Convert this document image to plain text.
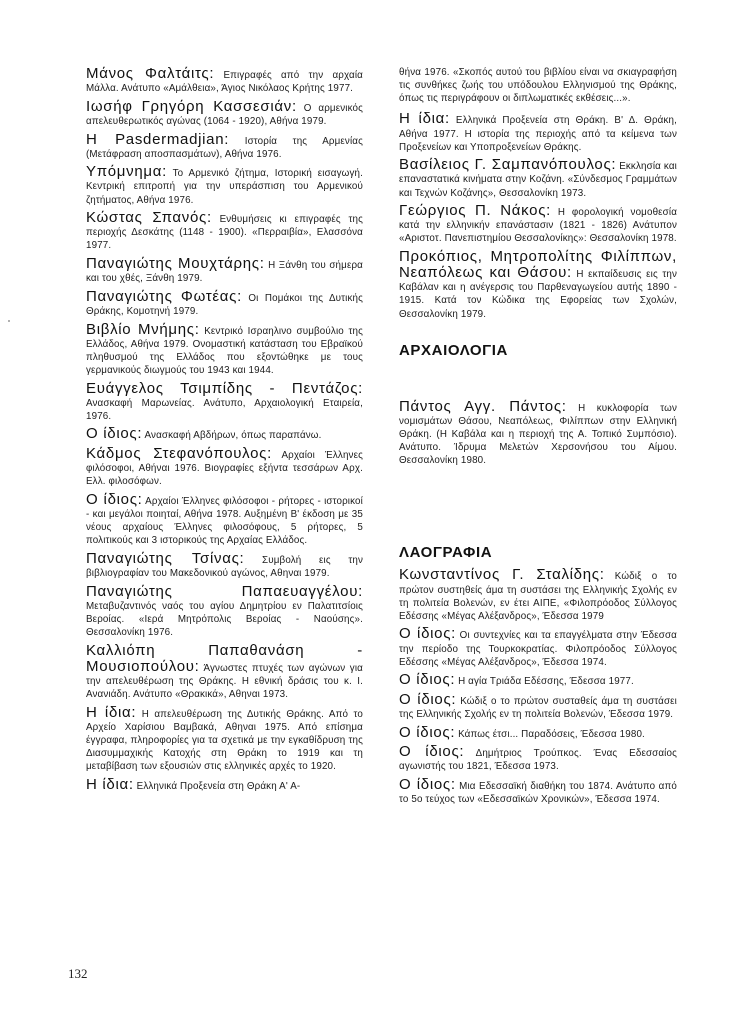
Μάνος Φαλτάιτς: Επιγραφές από την αρχαία Μάλλα. Ανάτυπο «Αμάλθεια», Άγιος Νικόλαος Κρήτης 1977.

Ιωσήφ Γρηγόρη Κασσεσιάν: Ο αρμενικός απελευθερωτικός αγώνας (1064 - 1920), Αθήνα 1979.

Η Pasdermadjian: Ιστορία της Αρμενίας (Μετάφραση αποσπασμάτων), Αθήνα 1976.

Υπόμνημα: Το Αρμενικό ζήτημα, Ιστορική εισαγωγή. Κεντρική επιτροπή για την υπεράσπιση του Αρμενικού ζητήματος, Αθήνα 1976.

Κώστας Σπανός: Ενθυμήσεις κι επιγραφές της περιοχής Δεσκάτης (1148 - 1900). «Περραιβία», Ελασσόνα 1977.

Παναγιώτης Μουχτάρης: Η Ξάνθη του σήμερα και του χθές, Ξάνθη 1979.

Παναγιώτης Φωτέας: Οι Πομάκοι της Δυτικής Θράκης, Κομοτηνή 1979.

Βιβλίο Μνήμης: Κεντρικό Ισραηλινο συμβούλιο της Ελλάδος, Αθήνα 1979. Ονομαστική κατάσταση του Εβραϊκού πληθυσμού της Ελλάδος που εξοντώθηκε με τους γερμανικούς διωγμούς του 1943 και 1944.

Ευάγγελος Τσιμπίδης - Πεντάζος: Ανασκαφή Μαρωνείας. Ανάτυπο, Αρχαιολογική Εταιρεία, 1976.

Ο ίδιος: Ανασκαφή Αβδήρων, όπως παραπάνω.

Κάδμος Στεφανόπουλος: Αρχαίοι Έλληνες φιλόσοφοι, Αθήναι 1976. Βιογραφίες εξήντα τεσσάρων Αρχ. Ελλ. φιλοσόφων.

Ο ίδιος: Αρχαίοι Έλληνες φιλόσοφοι - ρήτορες - ιστορικοί - και μεγάλοι ποιηταί, Αθήνα 1978. Αυξημένη Β' έκδοση με 35 νέους αρχαίους Έλληνες φιλοσόφους, 5 ρήτορες, 5 πολιτικούς και 3 ιστορικούς της Αρχαίας Ελλάδος.

Παναγιώτης Τσίνας: Συμβολή εις την βιβλιογραφίαν του Μακεδονικού αγώνος, Αθηναι 1979.

Παναγιώτης Παπαευαγγέλου: Μεταβυζαντινός ναός του αγίου Δημητρίου εν Παλατιτσίοις Βεροίας. «Ιερά Μητρόπολις Βεροίας - Ναούσης». Θεσσαλονίκη 1976.

Καλλιόπη Παπαθανάση - Μουσιοπούλου: Άγνωστες πτυχές των αγώνων για την απελευθέρωση της Θράκης. Η εθνική δράσις του κ. Ι. Ανανιάδη. Ανάτυπο «Θρακικά», Αθηναι 1973.

Η ίδια: Η απελευθέρωση της Δυτικής Θράκης. Από το Αρχείο Χαρίσιου Βαμβακά, Αθηναι 1975. Από επίσημα έγγραφα, πληροφορίες για τα σχετικά με την εγκαθίδρυση της Διασυμμαχικής Κατοχής στη Θράκη το 1919 και τη μεταβίβαση των εξουσιών στις ελληνικές αρχές το 1920.

Η ίδια: Ελληνικά Προξενεία στη Θράκη Α' Α-

θήνα 1976. «Σκοπός αυτού του βιβλίου είναι να σκιαγραφήση τις συνθήκες ζωής του υπόδουλου Ελληνισμού της Θράκης, όπως τις περιγράφουν οι διπλωματικές εκθέσεις...».

Η ίδια: Ελληνικά Προξενεία στη Θράκη. Β' Δ. Θράκη, Αθήνα 1977. Η ιστορία της περιοχής από τα κείμενα των Προξενείων και Υποπροξενείων Θράκης.

Βασίλειος Γ. Σαμπανόπουλος: Εκκλησία και επαναστατικά κινήματα στην Κοζάνη. «Σύνδεσμος Γραμμάτων και Τεχνών Κοζάνης», Θεσσαλονίκη 1973.

Γεώργιος Π. Νάκος: Η φορολογική νομοθεσία κατά την ελληνικήν επανάστασιν (1821 - 1826) Ανάτυπον «Αριστοτ. Πανεπιστημίου Θεσσαλονίκης»: Θεσσαλονίκη 1978.

Προκόπιος, Μητροπολίτης Φιλίππων, Νεαπόλεως και Θάσου: Η εκπαίδευσις εις την Καβάλαν και η ανέγερσις του Παρθεναγωγείου αυτής 1890 - 1915. Κατά τον Κώδικα της Εφορείας των Σχολών, Θεσσαλονίκη 1979.

ΑΡΧΑΙΟΛΟΓΙΑ

Πάντος Αγγ. Πάντος: Η κυκλοφορία των νομισμάτων Θάσου, Νεαπόλεως, Φιλίππων στην Ελληνική Θράκη. (Η Καβάλα και η περιοχή της Α. Τοπικό Συμπόσιο). Ανάτυπο. Ίδρυμα Μελετών Χερσονήσου του Αίμου. Θεσσαλονίκη 1980.

ΛΑΟΓΡΑΦΙΑ

Κωνσταντίνος Γ. Σταλίδης: Κώδιξ ο το πρώτον συστηθείς άμα τη συστάσει της Ελληνικής Σχολής εν τη πολιτεία Βολενών, εν έτει ΑΙΠΕ, «Φιλοπρόοδος Σύλλογος Εδέσσης «Μέγας Αλέξανδρος», Έδεσσα 1979

Ο ίδιος: Οι συντεχνίες και τα επαγγέλματα στην Έδεσσα την περίοδο της Τουρκοκρατίας. Φιλοπρόοδος Σύλλογος Εδέσσης «Μέγας Αλέξανδρος», Έδεσσα 1974.

Ο ίδιος: Η αγία Τριάδα Εδέσσης, Έδεσσα 1977.

Ο ίδιος: Κώδιξ ο το πρώτον συσταθείς άμα τη συστάσει της Ελληνικής Σχολής εν τη πολιτεία Βολενών, Έδεσσα 1979.

Ο ίδιος: Κάπως έτσι... Παραδόσεις, Έδεσσα 1980.

Ο ίδιος: Δημήτριος Τρούπκος. Ένας Εδεσσαίος αγωνιστής του 1821, Έδεσσα 1973.

Ο ίδιος: Μια Εδεσσαϊκή διαθήκη του 1874. Ανάτυπο από το 5ο τεύχος των «Εδεσσαϊκών Χρονικών», Έδεσσα 1974.

132
